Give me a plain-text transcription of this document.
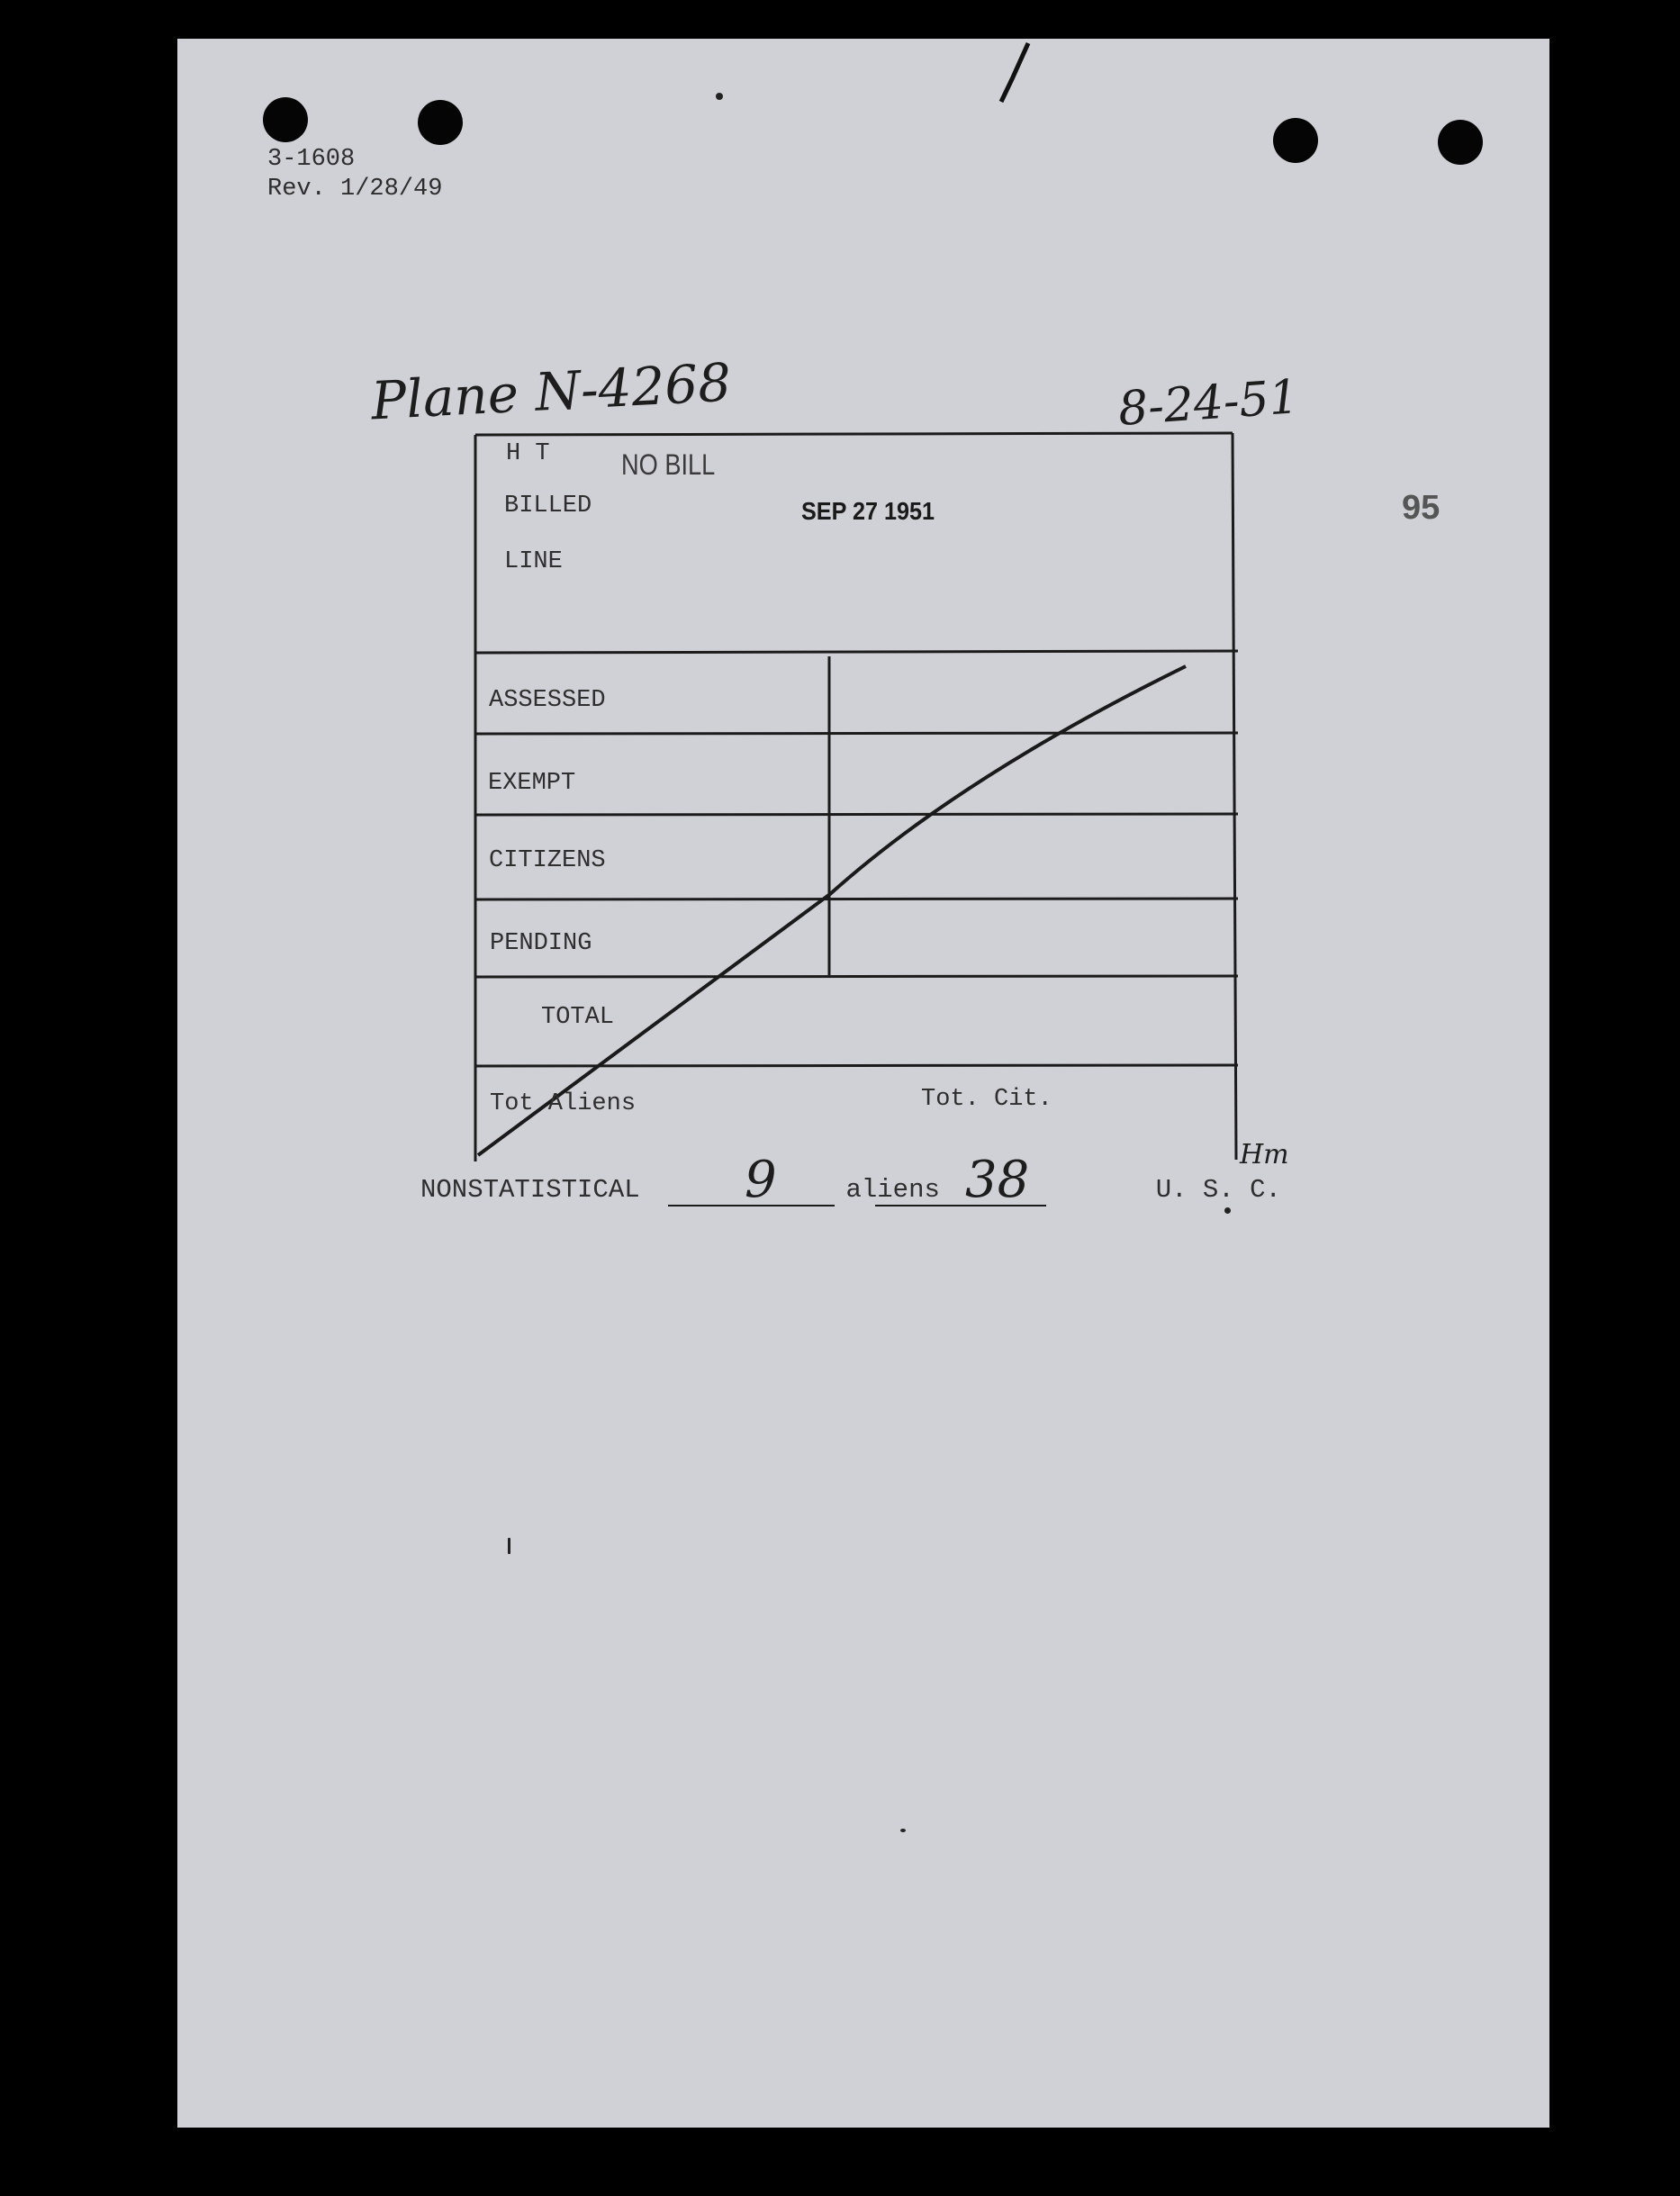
3-1608
Rev. 1/28/49
Plane N-4268	8-24-51
95
H T
BILLED
LINE
NO BILL
SEP 27 1951
ASSESSED
EXEMPT
CITIZENS
PENDING
TOTAL
Tot Aliens	Tot. Cit.
Hm
NONSTATISTICAL	aliens	U. S. C.
9	38
